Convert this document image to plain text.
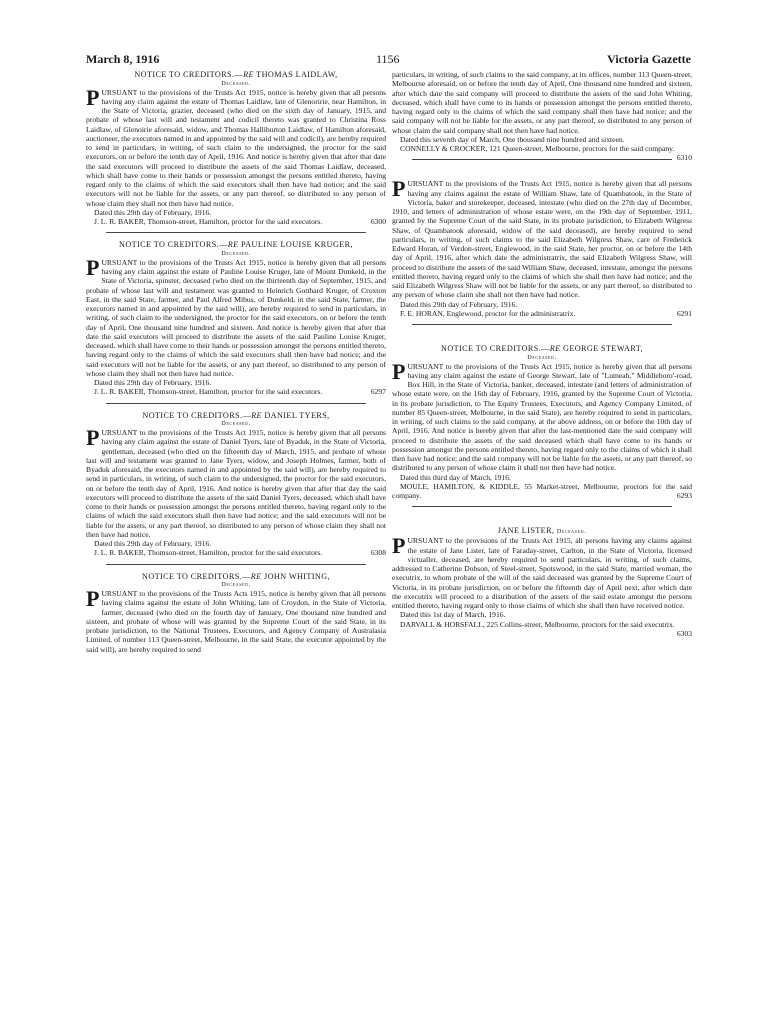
March 8, 1916	1156	Victoria Gazette
NOTICE TO CREDITORS.—RE THOMAS LAIDLAW,
Deceased.

PURSUANT to the provisions of the Trusts Act 1915, notice is hereby given that all persons having any claim against the estate of Thomas Laidlaw, late of Glenoririe, near Hamilton, in the State of Victoria, grazier, deceased (who died on the sixth day of January, 1915, and probate of whose last will and testament and codicil thereto was granted to Christina Ross Laidlaw, of Glenoirie aforesaid, widow, and Thomas Halliburton Laidlaw, of Hamilton aforesaid, auctioneer, the executors named in and appointed by the said will and codicil), are hereby required to send in particulars, in writing, of such claim to the undersigned, the proctor for the said executors, on or before the tenth day of April, 1916. And notice is hereby given that after that date the said executors will proceed to distribute the assets of the said Thomas Laidlaw, deceased, which shall have come to their hands or possession amongst the persons entitled thereto, having regard only to the claims of which the said executors shall then have had notice; and the said executors will not be liable for the assets, or any part thereof, so distributed to any person of whose claim they shall not then have had notice.

Dated this 29th day of February, 1916.

J. L. R. BAKER, Thomson-street, Hamilton, proctor for the said executors.	6300

NOTICE TO CREDITORS.—RE PAULINE LOUISE KRUGER,
Deceased.

PURSUANT to the provisions of the Trusts Act 1915, notice is hereby given that all persons having any claim against the estate of Pauline Louise Kruger, late of Mount Dunkeld, in the State of Victoria, spinster, deceased (who died on the thirteenth day of September, 1915, and probate of whose last will and testament was granted to Heinrich Gotthard Kruger, of Croxton East, in the said State, farmer, and Paul Alfred Mibus, of Dunkeld, in the said State, farmer, the executors named in and appointed by the said will), are hereby required to send in particulars, in writing, of such claim to the undersigned, the proctor for the said executors, on or before the tenth day of April, One thousand nine hundred and sixteen. And notice is hereby given that after that date the said executors will proceed to distribute the assets of the said Pauline Louise Kruger, deceased, which shall have come to their hands or possession amongst the persons entitled thereto, having regard only to the claims of which the said executors shall then have had notice; and the said executors will not be liable for the assets, or any part thereof, so distributed to any person of whose claim they shall not then have had notice.

Dated this 29th day of February, 1916.

J. L. R. BAKER, Thomson-street, Hamilton, proctor for the said executors.	6297

NOTICE TO CREDITORS.—RE DANIEL TYERS,
Deceased.

PURSUANT to the provisions of the Trusts Act 1915, notice is hereby given that all persons having any claim against the estate of Daniel Tyers, late of Byaduk, in the State of Victoria, gentleman, deceased (who died on the fifteenth day of March, 1915, and probate of whose last will and testament was granted to Jane Tyers, widow, and Joseph Holmes, farmer, both of Byaduk aforesaid, the executors named in and appointed by the said will), are hereby required to send in particulars, in writing, of such claim to the undersigned, the proctor for the said executors, on or before the tenth day of April, 1916. And notice is hereby given that after that day the said executors will proceed to distribute the assets of the said Daniel Tyers, deceased, which shall have come to their hands or possession amongst the persons entitled thereto, having regard only to the claims of which the said executors shall then have had notice; and the said executors will not be liable for the assets, or any part thereof, so distributed to any person of whose claim they shall not then have had notice.

Dated this 29th day of February, 1916.

J. L. R. BAKER, Thomson-street, Hamilton, proctor for the said executors.	6308

NOTICE TO CREDITORS.—RE JOHN WHITING,
Deceased.

PURSUANT to the provisions of the Trusts Acts 1915, notice is hereby given that all persons having claims against the estate of John Whiting, late of Croydon, in the State of Victoria, farmer, deceased (who died on the fourth day of January, One thousand nine hundred and sixteen, and probate of whose will was granted by the Supreme Court of the said State, in its probate jurisdiction, to the National Trustees, Executors, and Agency Company of Australasia Limited, of number 113 Queen-street, Melbourne, in the said State, the executor appointed by the said will), are hereby required to send

particulars, in writing, of such claims to the said company, at its offices, number 113 Queen-street, Melbourne aforesaid, on or before the tenth day of April, One thousand nine hundred and sixteen, after which date the said company will proceed to distribute the assets of the said John Whiting, deceased, which shall have come to its hands or possession amongst the persons entitled thereto, having regard only to the claims of which the said company shall then have had notice; and the said company will not be liable for the assets, or any part thereof, so distributed to any person of whose claim the said company shall not then have had notice.

Dated this seventh day of March, One thousand nine hundred and sixteen.

CONNELLY & CROCKER, 121 Queen-street, Melbourne, proctors for the said company.
6310

PURSUANT to the provisions of the Trusts Act 1915, notice is hereby given that all persons having any claims against the estate of William Shaw, late of Quambatook, in the State of Victoria, baker and storekeeper, deceased, intestate (who died on the 27th day of December, 1910, and letters of administration of whose estate were, on the 19th day of September, 1911, granted by the Supreme Court of the said State, in its probate jurisdiction, to Elizabeth Wilgress Shaw, of Quambatook aforesaid, widow of the said deceased), are hereby required to send particulars, in writing, of such claims to the said Elizabeth Wilgress Shaw, care of Frederick Edward Horan, of Verdon-street, Englewood, in the said State, her proctor, on or before the 14th day of April, 1916, after which date the administratrix, the said Elizabeth Wilgress Shaw, will proceed to distribute the assets of the said William Shaw, deceased, intestate, amongst the persons entitled thereto, having regard only to the claims of which she shall then have had notice; and the said Elizabeth Wilgress Shaw will not be liable for the assets, or any part thereof, so distributed to any person of whose claim she shall not then have had notice.

Dated this 29th day of February, 1916.

F. E. HORAN, Englewood, proctor for the administratrix.	6291

NOTICE TO CREDITORS.—RE GEORGE STEWART,
Deceased.

PURSUANT to the provisions of the Trusts Act 1915, notice is hereby given that all persons having any claim against the estate of George Stewart, late of "Lumeah," Middleboro'-road, Box Hill, in the State of Victoria, banker, deceased, intestate (and letters of administration of whose estate were, on the 16th day of February, 1916, granted by the Supreme Court of Victoria, in its probate jurisdiction, to The Equity Trustees, Executors, and Agency Company Limited, of number 85 Queen-street, Melbourne, in the said State), are hereby required to send in particulars, in writing, of such claims to the said company, at the above address, on or before the 10th day of April, 1916. And notice is hereby given that after the last-mentioned date the said company will proceed to distribute the assets of the said deceased which shall have come to its hands or possession amongst the persons entitled thereto, having regard only to the claims of which it shall then have had notice; and the said company will not be liable for the assets, or any part thereof, so distributed to any person of whose claim it shall not then have had notice.

Dated this third day of March, 1916.

MOULE, HAMILTON, & KIDDLE, 55 Market-street, Melbourne, proctors for the said company.	6293

JANE LISTER, Deceased.

PURSUANT to the provisions of the Trusts Act 1915, all persons having any claims against the estate of Jane Lister, late of Faraday-street, Carlton, in the State of Victoria, licensed victualler, deceased, are hereby required to send particulars, in writing, of such claims, addressed to Catherine Dobson, of Steel-street, Spotswood, in the said State, married woman, the executrix, to whom probate of the will of the said deceased was granted by the Supreme Court of Victoria, in its probate jurisdiction, on or before the fifteenth day of April next, after which date the executrix will proceed to a distribution of the assets of the said estate amongst the persons entitled thereto, having regard only to those claims of which she shall then have received notice.

Dated this 1st day of March, 1916.

DARVALL & HORSFALL, 225 Collins-street, Melbourne, proctors for the said executrix.
6303
